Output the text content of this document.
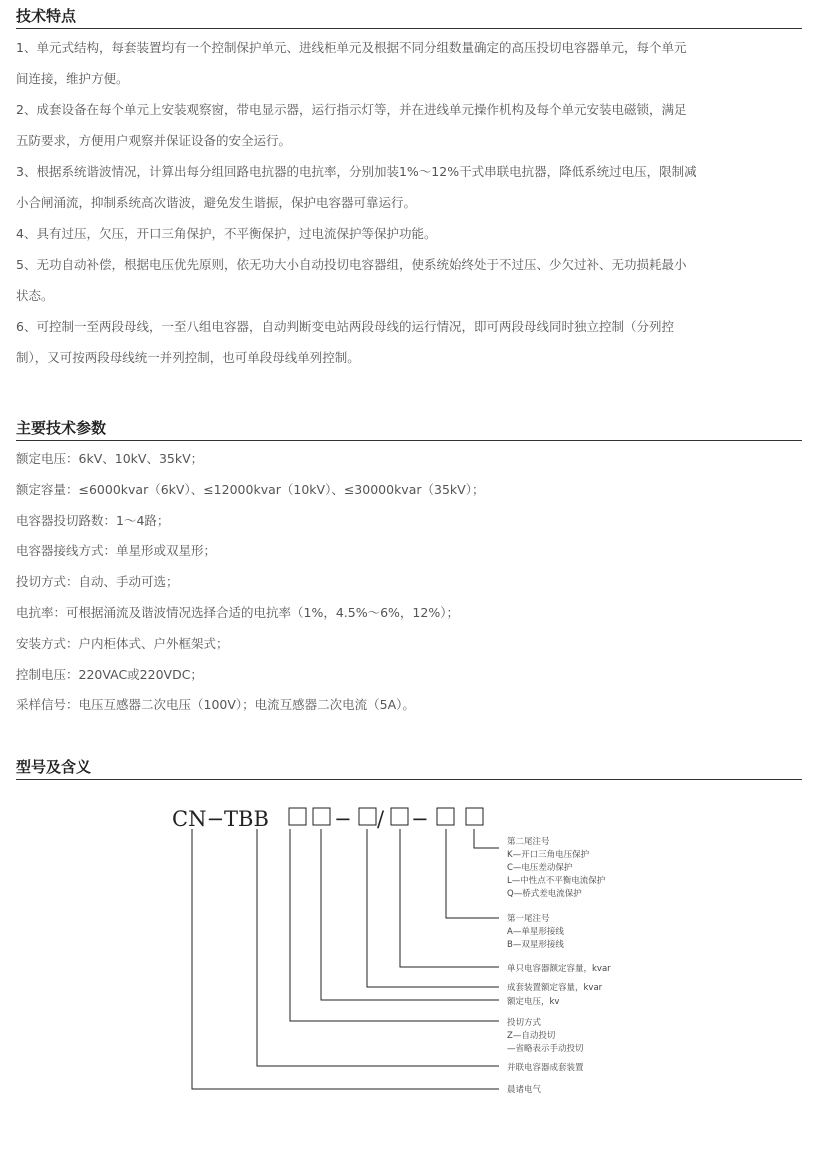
技术特点

1、单元式结构，每套装置均有一个控制保护单元、进线柜单元及根据不同分组数量确定的高压投切电容器单元，每个单元

间连接，维护方便。

2、成套设备在每个单元上安装观察窗，带电显示器，运行指示灯等，并在进线单元操作机构及每个单元安装电磁锁，满足

五防要求，方便用户观察并保证设备的安全运行。

3、根据系统谐波情况，计算出每分组回路电抗器的电抗率，分别加装1%～12%干式串联电抗器，降低系统过电压，限制减

小合闸涌流，抑制系统高次谐波，避免发生谐振，保护电容器可靠运行。

4、具有过压，欠压，开口三角保护，不平衡保护，过电流保护等保护功能。

5、无功自动补偿，根据电压优先原则，依无功大小自动投切电容器组，使系统始终处于不过压、少欠过补、无功损耗最小

状态。

6、可控制一至两段母线，一至八组电容器，自动判断变电站两段母线的运行情况，即可两段母线同时独立控制（分列控

制），又可按两段母线统一并列控制，也可单段母线单列控制。

主要技术参数

额定电压：6kV、10kV、35kV；

额定容量：≤6000kvar（6kV）、≤12000kvar（10kV）、≤30000kvar（35kV）；

电容器投切路数：1～4路；

电容器接线方式：单星形或双星形；

投切方式：自动、手动可选；

电抗率：可根据涌流及谐波情况选择合适的电抗率（1%，4.5%～6%，12%）；

安装方式：户内柜体式、户外框架式；

控制电压：220VAC或220VDC；

采样信号：电压互感器二次电压（100V）；电流互感器二次电流（5A）。

型号及含义
CN−TBB	− / −
第二尾注号
K—开口三角电压保护
C—电压差动保护
L—中性点不平衡电流保护
Q—桥式差电流保护
第一尾注号
A—单星形接线
B—双星形接线
单只电容器额定容量，kvar
成套装置额定容量，kvar
额定电压，kv
投切方式
Z—自动投切
—省略表示手动投切
并联电容器成套装置
晨诸电气
